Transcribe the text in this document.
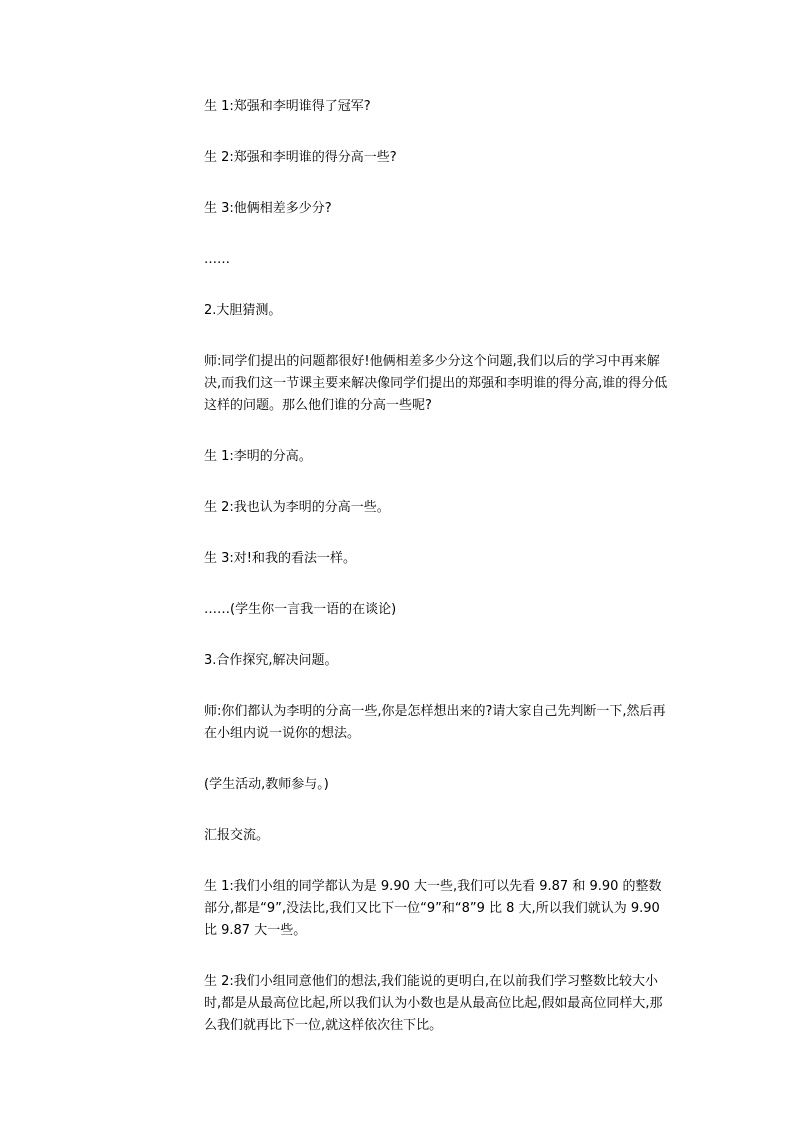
生 1:郑强和李明谁得了冠军?

生 2:郑强和李明谁的得分高一些?

生 3:他俩相差多少分?

……

2.大胆猜测。

师:同学们提出的问题都很好!他俩相差多少分这个问题,我们以后的学习中再来解决,而我们这一节课主要来解决像同学们提出的郑强和李明谁的得分高,谁的得分低这样的问题。那么他们谁的分高一些呢?

生 1:李明的分高。

生 2:我也认为李明的分高一些。

生 3:对!和我的看法一样。

……(学生你一言我一语的在谈论)

3.合作探究,解决问题。

师:你们都认为李明的分高一些,你是怎样想出来的?请大家自己先判断一下,然后再在小组内说一说你的想法。

(学生活动,教师参与。)

汇报交流。

生 1:我们小组的同学都认为是 9.90 大一些,我们可以先看 9.87 和 9.90 的整数部分,都是“9”,没法比,我们又比下一位“9”和“8”9 比 8 大,所以我们就认为 9.90 比 9.87 大一些。

生 2:我们小组同意他们的想法,我们能说的更明白,在以前我们学习整数比较大小时,都是从最高位比起,所以我们认为小数也是从最高位比起,假如最高位同样大,那么我们就再比下一位,就这样依次往下比。
